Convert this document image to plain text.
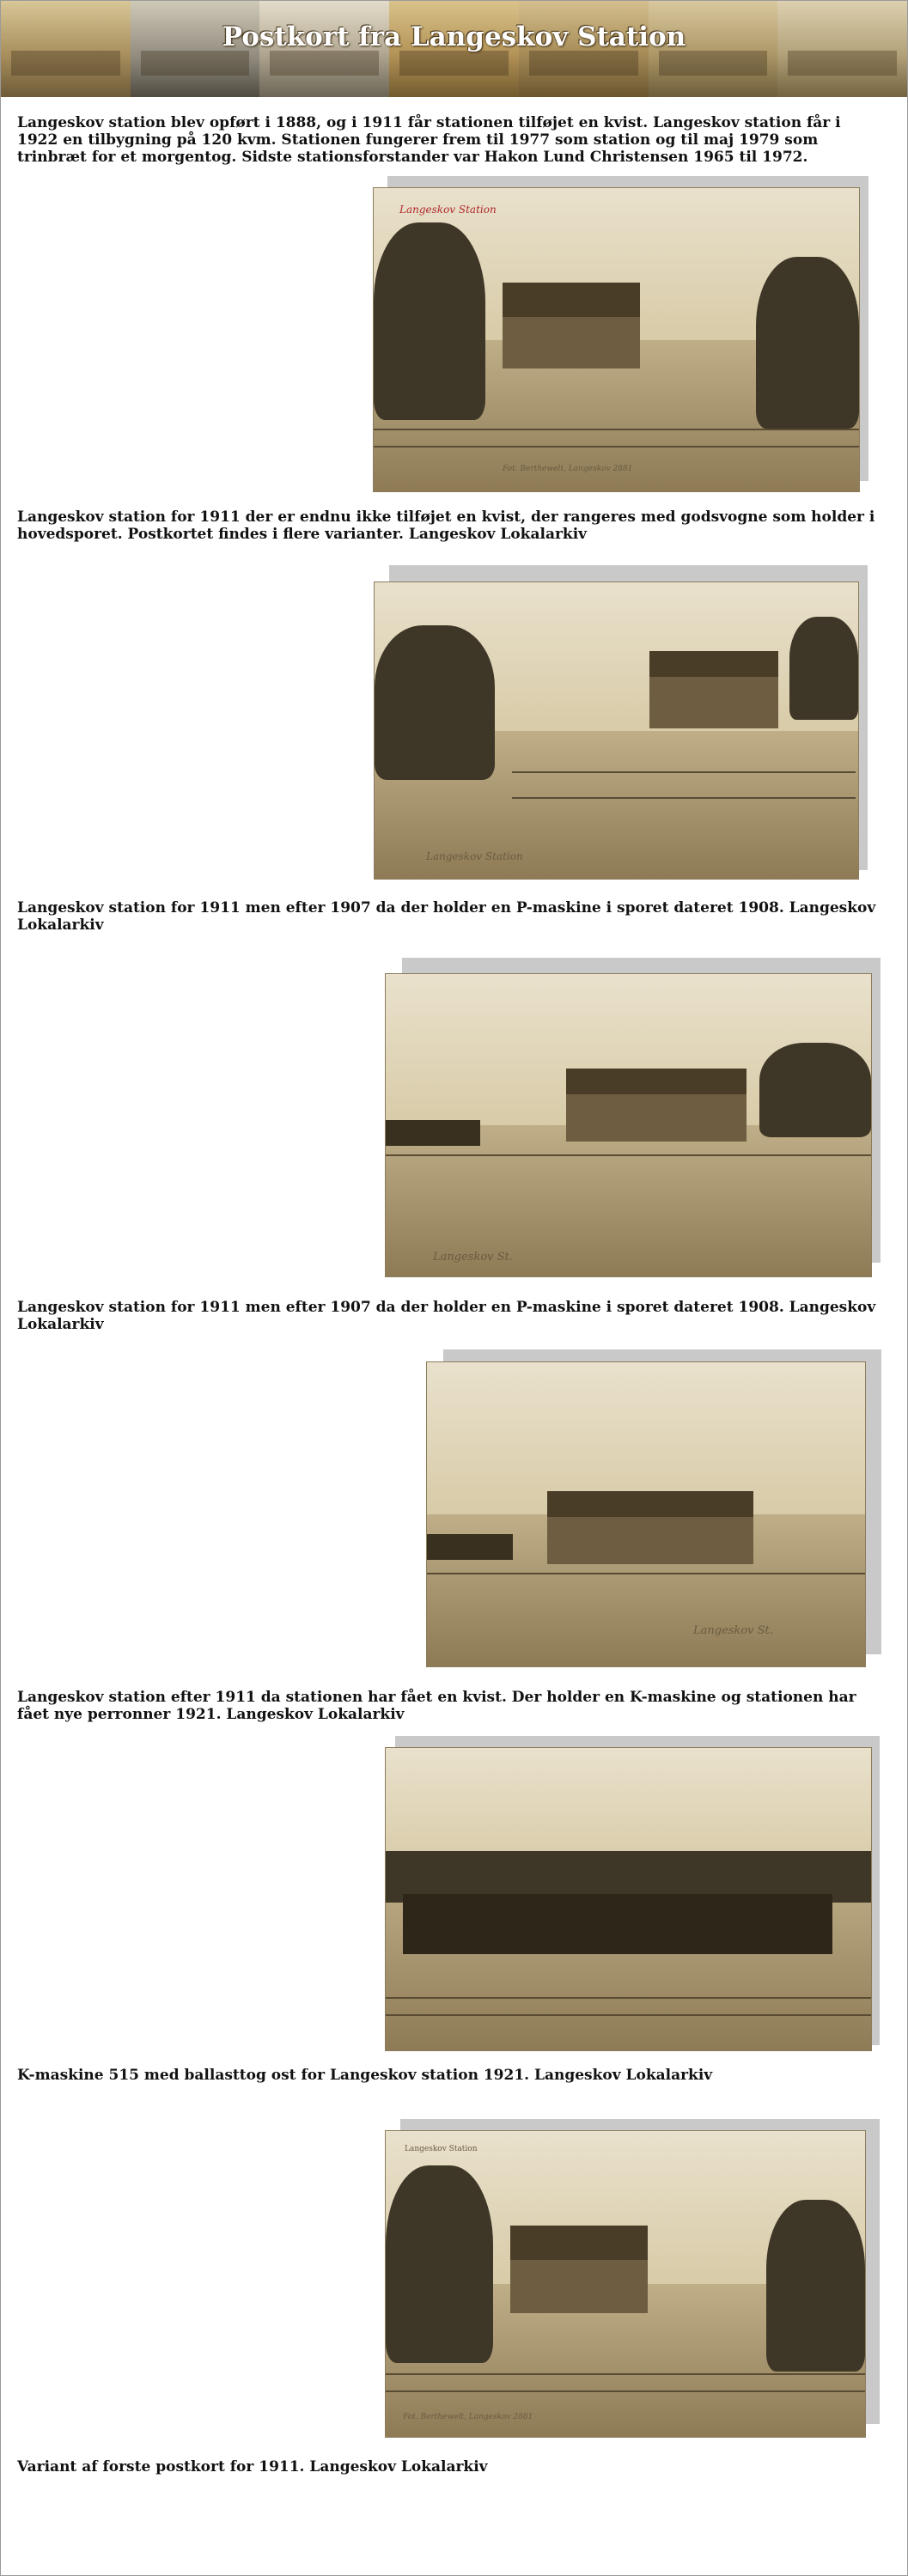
Postkort fra Langeskov Station
Langeskov station blev opført i 1888, og i 1911 får stationen tilføjet en kvist. Langeskov station får i 1922 en tilbygning på 120 kvm. Stationen fungerer frem til 1977 som station og til maj 1979 som trinbræt for et morgentog. Sidste stationsforstander var Hakon Lund Christensen 1965 til 1972.
Langeskov Station
Fot. Berthewelt, Langeskov 2881
Langeskov station for 1911 der er endnu ikke tilføjet en kvist, der rangeres med godsvogne som holder i hovedsporet. Postkortet findes i flere varianter. Langeskov Lokalarkiv
Langeskov Station
Langeskov station for 1911 men efter 1907 da der holder en P-maskine i sporet dateret 1908. Langeskov Lokalarkiv
Langeskov St.
Langeskov station for 1911 men efter 1907 da der holder en P-maskine i sporet dateret 1908. Langeskov Lokalarkiv
Langeskov St.
Langeskov station efter 1911 da stationen har fået en kvist. Der holder en K-maskine og stationen har fået nye perronner 1921. Langeskov Lokalarkiv
K-maskine 515 med ballasttog ost for Langeskov station 1921. Langeskov Lokalarkiv
Langeskov Station
Fot. Berthewelt, Langeskov 2881
Variant af forste postkort for 1911. Langeskov Lokalarkiv
